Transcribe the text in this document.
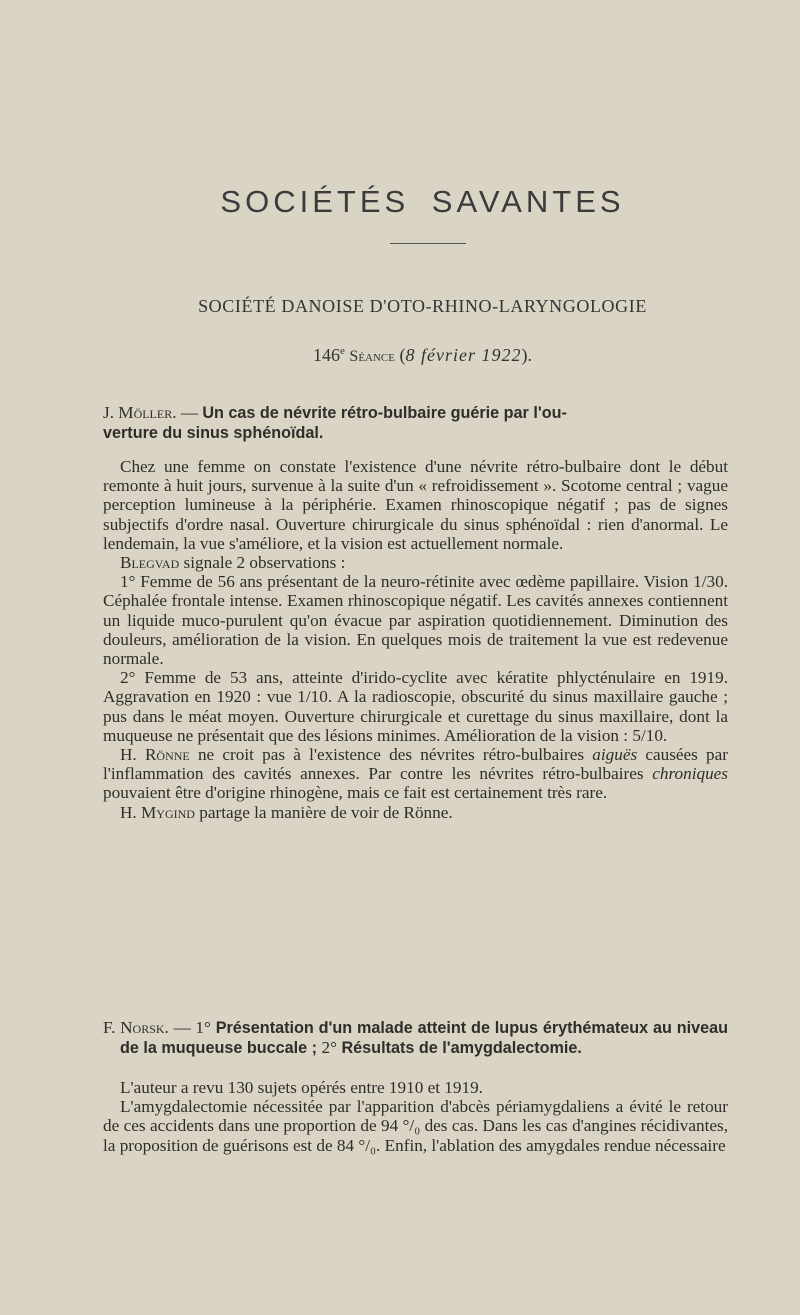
SOCIÉTÉS SAVANTES
SOCIÉTÉ DANOISE D'OTO-RHINO-LARYNGOLOGIE
146e Séance (8 février 1922).

J. Möller. — Un cas de névrite rétro-bulbaire guérie par l'ou-
verture du sinus sphénoïdal.

Chez une femme on constate l'existence d'une névrite rétro-bulbaire dont le début remonte à huit jours, survenue à la suite d'un « refroidissement ». Scotome central ; vague perception lumineuse à la périphérie. Examen rhinoscopique négatif ; pas de signes subjectifs d'ordre nasal. Ouverture chirurgicale du sinus sphénoïdal : rien d'anormal. Le lendemain, la vue s'améliore, et la vision est actuellement normale.

Blegvad signale 2 observations :

1° Femme de 56 ans présentant de la neuro-rétinite avec œdème papillaire. Vision 1/30. Céphalée frontale intense. Examen rhinoscopique négatif. Les cavités annexes contiennent un liquide muco-purulent qu'on évacue par aspiration quotidiennement. Diminution des douleurs, amélioration de la vision. En quelques mois de traitement la vue est redevenue normale.

2° Femme de 53 ans, atteinte d'irido-cyclite avec kératite phlycténulaire en 1919. Aggravation en 1920 : vue 1/10. A la radioscopie, obscurité du sinus maxillaire gauche ; pus dans le méat moyen. Ouverture chirurgicale et curettage du sinus maxillaire, dont la muqueuse ne présentait que des lésions minimes. Amélioration de la vision : 5/10.

H. Rönne ne croit pas à l'existence des névrites rétro-bulbaires aiguës causées par l'inflammation des cavités annexes. Par contre les névrites rétro-bulbaires chroniques pouvaient être d'origine rhinogène, mais ce fait est certainement très rare.

H. Mygind partage la manière de voir de Rönne.

F. Norsk. — 1° Présentation d'un malade atteint de lupus érythémateux au niveau de la muqueuse buccale ; 2° Résultats de l'amygdalectomie.

L'auteur a revu 130 sujets opérés entre 1910 et 1919.

L'amygdalectomie nécessitée par l'apparition d'abcès périamygdaliens a évité le retour de ces accidents dans une proportion de 94 °/₀ des cas. Dans les cas d'angines récidivantes, la proposition de guérisons est de 84 °/₀. Enfin, l'ablation des amygdales rendue nécessaire
